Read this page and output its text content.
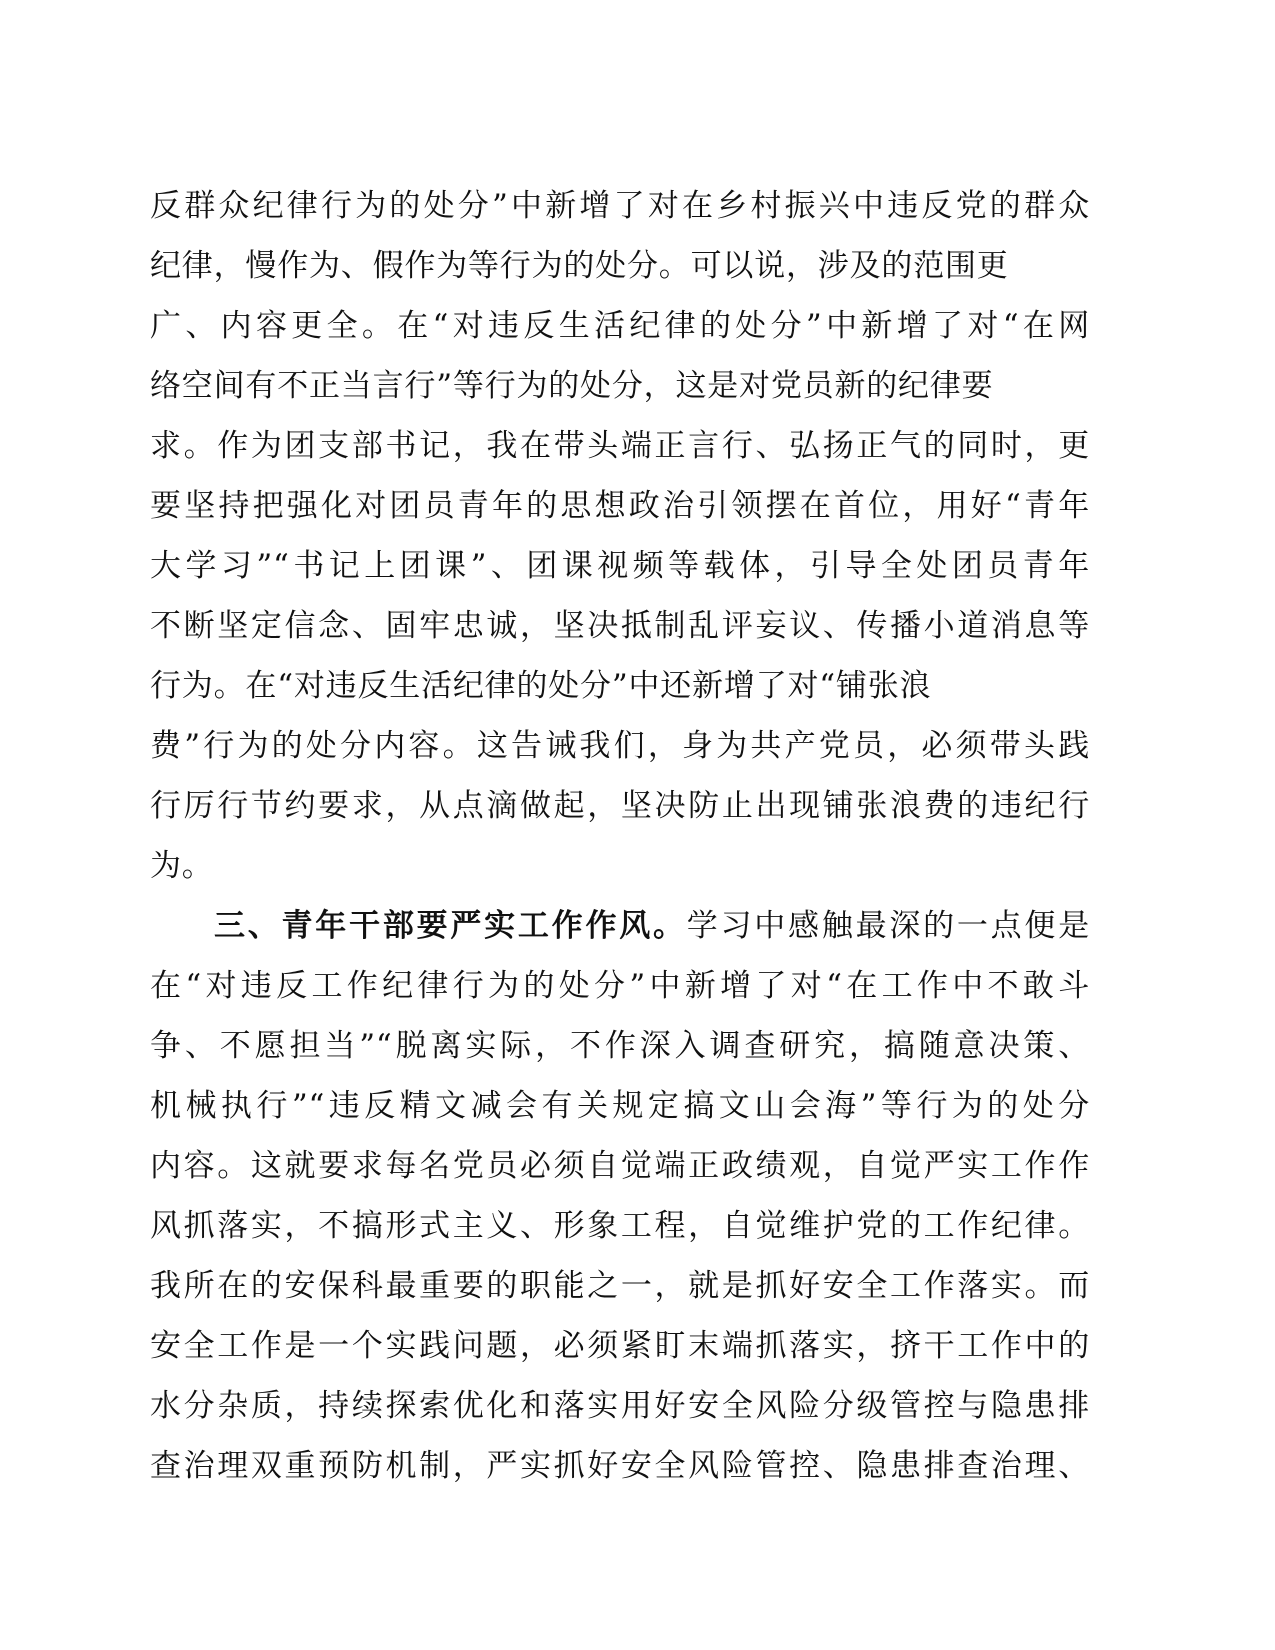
反群众纪律行为的处分”中新增了对在乡村振兴中违反党的群众
纪律，慢作为、假作为等行为的处分。可以说，涉及的范围更
广、内容更全。在“对违反生活纪律的处分”中新增了对“在网
络空间有不正当言行”等行为的处分，这是对党员新的纪律要
求。作为团支部书记，我在带头端正言行、弘扬正气的同时，更
要坚持把强化对团员青年的思想政治引领摆在首位，用好“青年
大学习”“书记上团课”、团课视频等载体，引导全处团员青年
不断坚定信念、固牢忠诚，坚决抵制乱评妄议、传播小道消息等
行为。在“对违反生活纪律的处分”中还新增了对“铺张浪
费”行为的处分内容。这告诫我们，身为共产党员，必须带头践
行厉行节约要求，从点滴做起，坚决防止出现铺张浪费的违纪行
为。
三、青年干部要严实工作作风。学习中感触最深的一点便是
在“对违反工作纪律行为的处分”中新增了对“在工作中不敢斗
争、不愿担当”“脱离实际，不作深入调查研究，搞随意决策、
机械执行”“违反精文减会有关规定搞文山会海”等行为的处分
内容。这就要求每名党员必须自觉端正政绩观，自觉严实工作作
风抓落实，不搞形式主义、形象工程，自觉维护党的工作纪律。
我所在的安保科最重要的职能之一，就是抓好安全工作落实。而
安全工作是一个实践问题，必须紧盯末端抓落实，挤干工作中的
水分杂质，持续探索优化和落实用好安全风险分级管控与隐患排
查治理双重预防机制，严实抓好安全风险管控、隐患排查治理、
